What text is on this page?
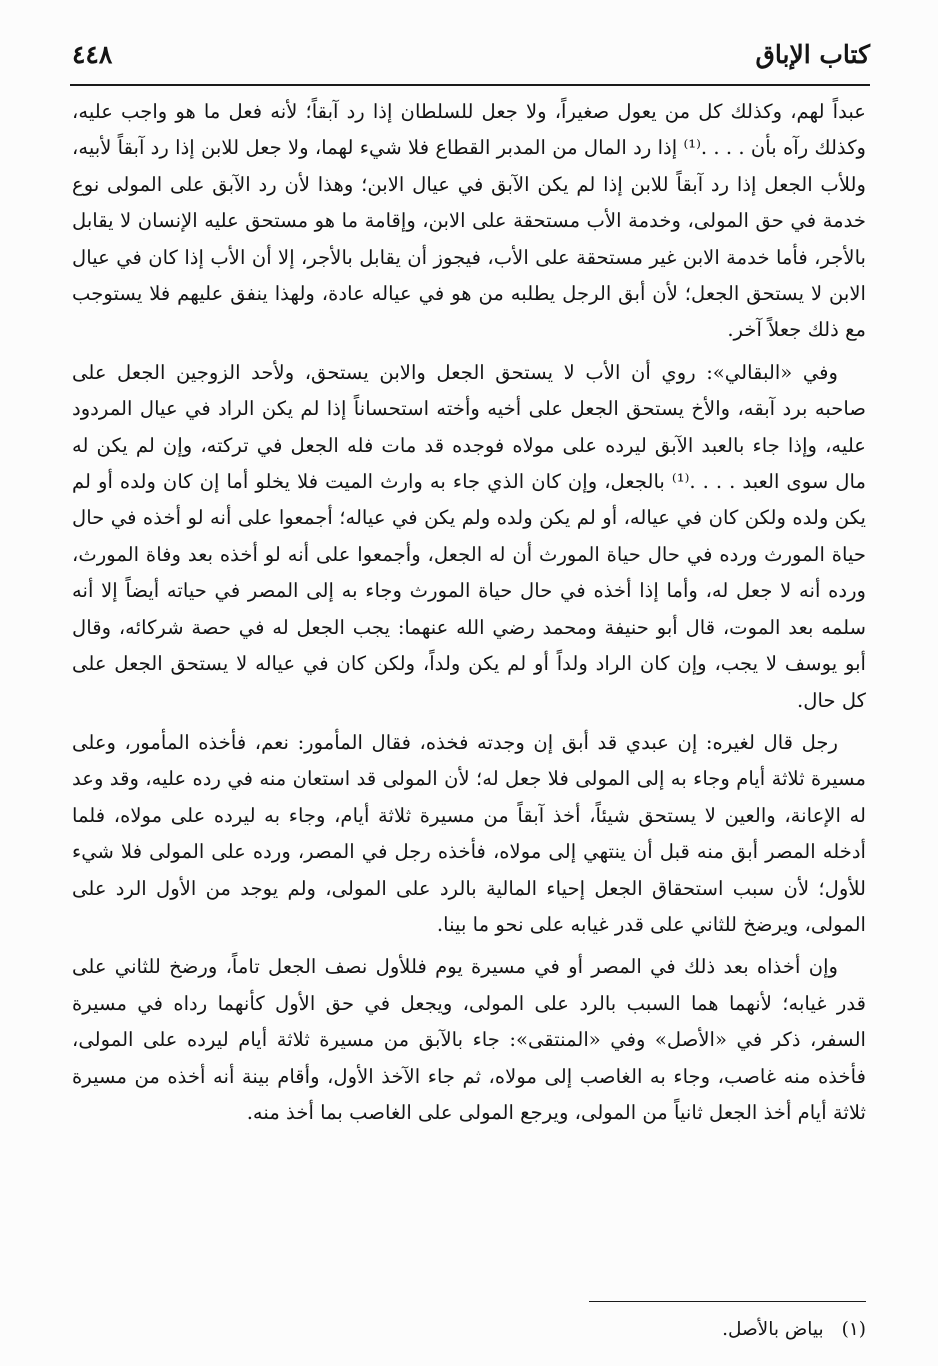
كتاب الإباق
٤٤٨

عبداً لهم، وكذلك كل من يعول صغيراً، ولا جعل للسلطان إذا رد آبقاً؛ لأنه فعل ما هو واجب عليه، وكذلك رآه بأن . . . .⁽¹⁾ إذا رد المال من المدبر القطاع فلا شيء لهما، ولا جعل للابن إذا رد آبقاً لأبيه، وللأب الجعل إذا رد آبقاً للابن إذا لم يكن الآبق في عيال الابن؛ وهذا لأن رد الآبق على المولى نوع خدمة في حق المولى، وخدمة الأب مستحقة على الابن، وإقامة ما هو مستحق عليه الإنسان لا يقابل بالأجر، فأما خدمة الابن غير مستحقة على الأب، فيجوز أن يقابل بالأجر، إلا أن الأب إذا كان في عيال الابن لا يستحق الجعل؛ لأن أبق الرجل يطلبه من هو في عياله عادة، ولهذا ينفق عليهم فلا يستوجب مع ذلك جعلاً آخر.

وفي «البقالي»: روي أن الأب لا يستحق الجعل والابن يستحق، ولأحد الزوجين الجعل على صاحبه برد آبقه، والأخ يستحق الجعل على أخيه وأخته استحساناً إذا لم يكن الراد في عيال المردود عليه، وإذا جاء بالعبد الآبق ليرده على مولاه فوجده قد مات فله الجعل في تركته، وإن لم يكن له مال سوى العبد . . . .⁽¹⁾ بالجعل، وإن كان الذي جاء به وارث الميت فلا يخلو أما إن كان ولده أو لم يكن ولده ولكن كان في عياله، أو لم يكن ولده ولم يكن في عياله؛ أجمعوا على أنه لو أخذه في حال حياة المورث ورده في حال حياة المورث أن له الجعل، وأجمعوا على أنه لو أخذه بعد وفاة المورث، ورده أنه لا جعل له، وأما إذا أخذه في حال حياة المورث وجاء به إلى المصر في حياته أيضاً إلا أنه سلمه بعد الموت، قال أبو حنيفة ومحمد رضي الله عنهما: يجب الجعل له في حصة شركائه، وقال أبو يوسف لا يجب، وإن كان الراد ولداً أو لم يكن ولداً، ولكن كان في عياله لا يستحق الجعل على كل حال.

رجل قال لغيره: إن عبدي قد أبق إن وجدته فخذه، فقال المأمور: نعم، فأخذه المأمور، وعلى مسيرة ثلاثة أيام وجاء به إلى المولى فلا جعل له؛ لأن المولى قد استعان منه في رده عليه، وقد وعد له الإعانة، والعين لا يستحق شيئاً، أخذ آبقاً من مسيرة ثلاثة أيام، وجاء به ليرده على مولاه، فلما أدخله المصر أبق منه قبل أن ينتهي إلى مولاه، فأخذه رجل في المصر، ورده على المولى فلا شيء للأول؛ لأن سبب استحقاق الجعل إحياء المالية بالرد على المولى، ولم يوجد من الأول الرد على المولى، ويرضخ للثاني على قدر غيابه على نحو ما بينا.

وإن أخذاه بعد ذلك في المصر أو في مسيرة يوم فللأول نصف الجعل تاماً، ورضخ للثاني على قدر غيابه؛ لأنهما هما السبب بالرد على المولى، ويجعل في حق الأول كأنهما رداه في مسيرة السفر، ذكر في «الأصل» وفي «المنتقى»: جاء بالآبق من مسيرة ثلاثة أيام ليرده على المولى، فأخذه منه غاصب، وجاء به الغاصب إلى مولاه، ثم جاء الآخذ الأول، وأقام بينة أنه أخذه من مسيرة ثلاثة أيام أخذ الجعل ثانياً من المولى، ويرجع المولى على الغاصب بما أخذ منه.

(١)بياض بالأصل.
